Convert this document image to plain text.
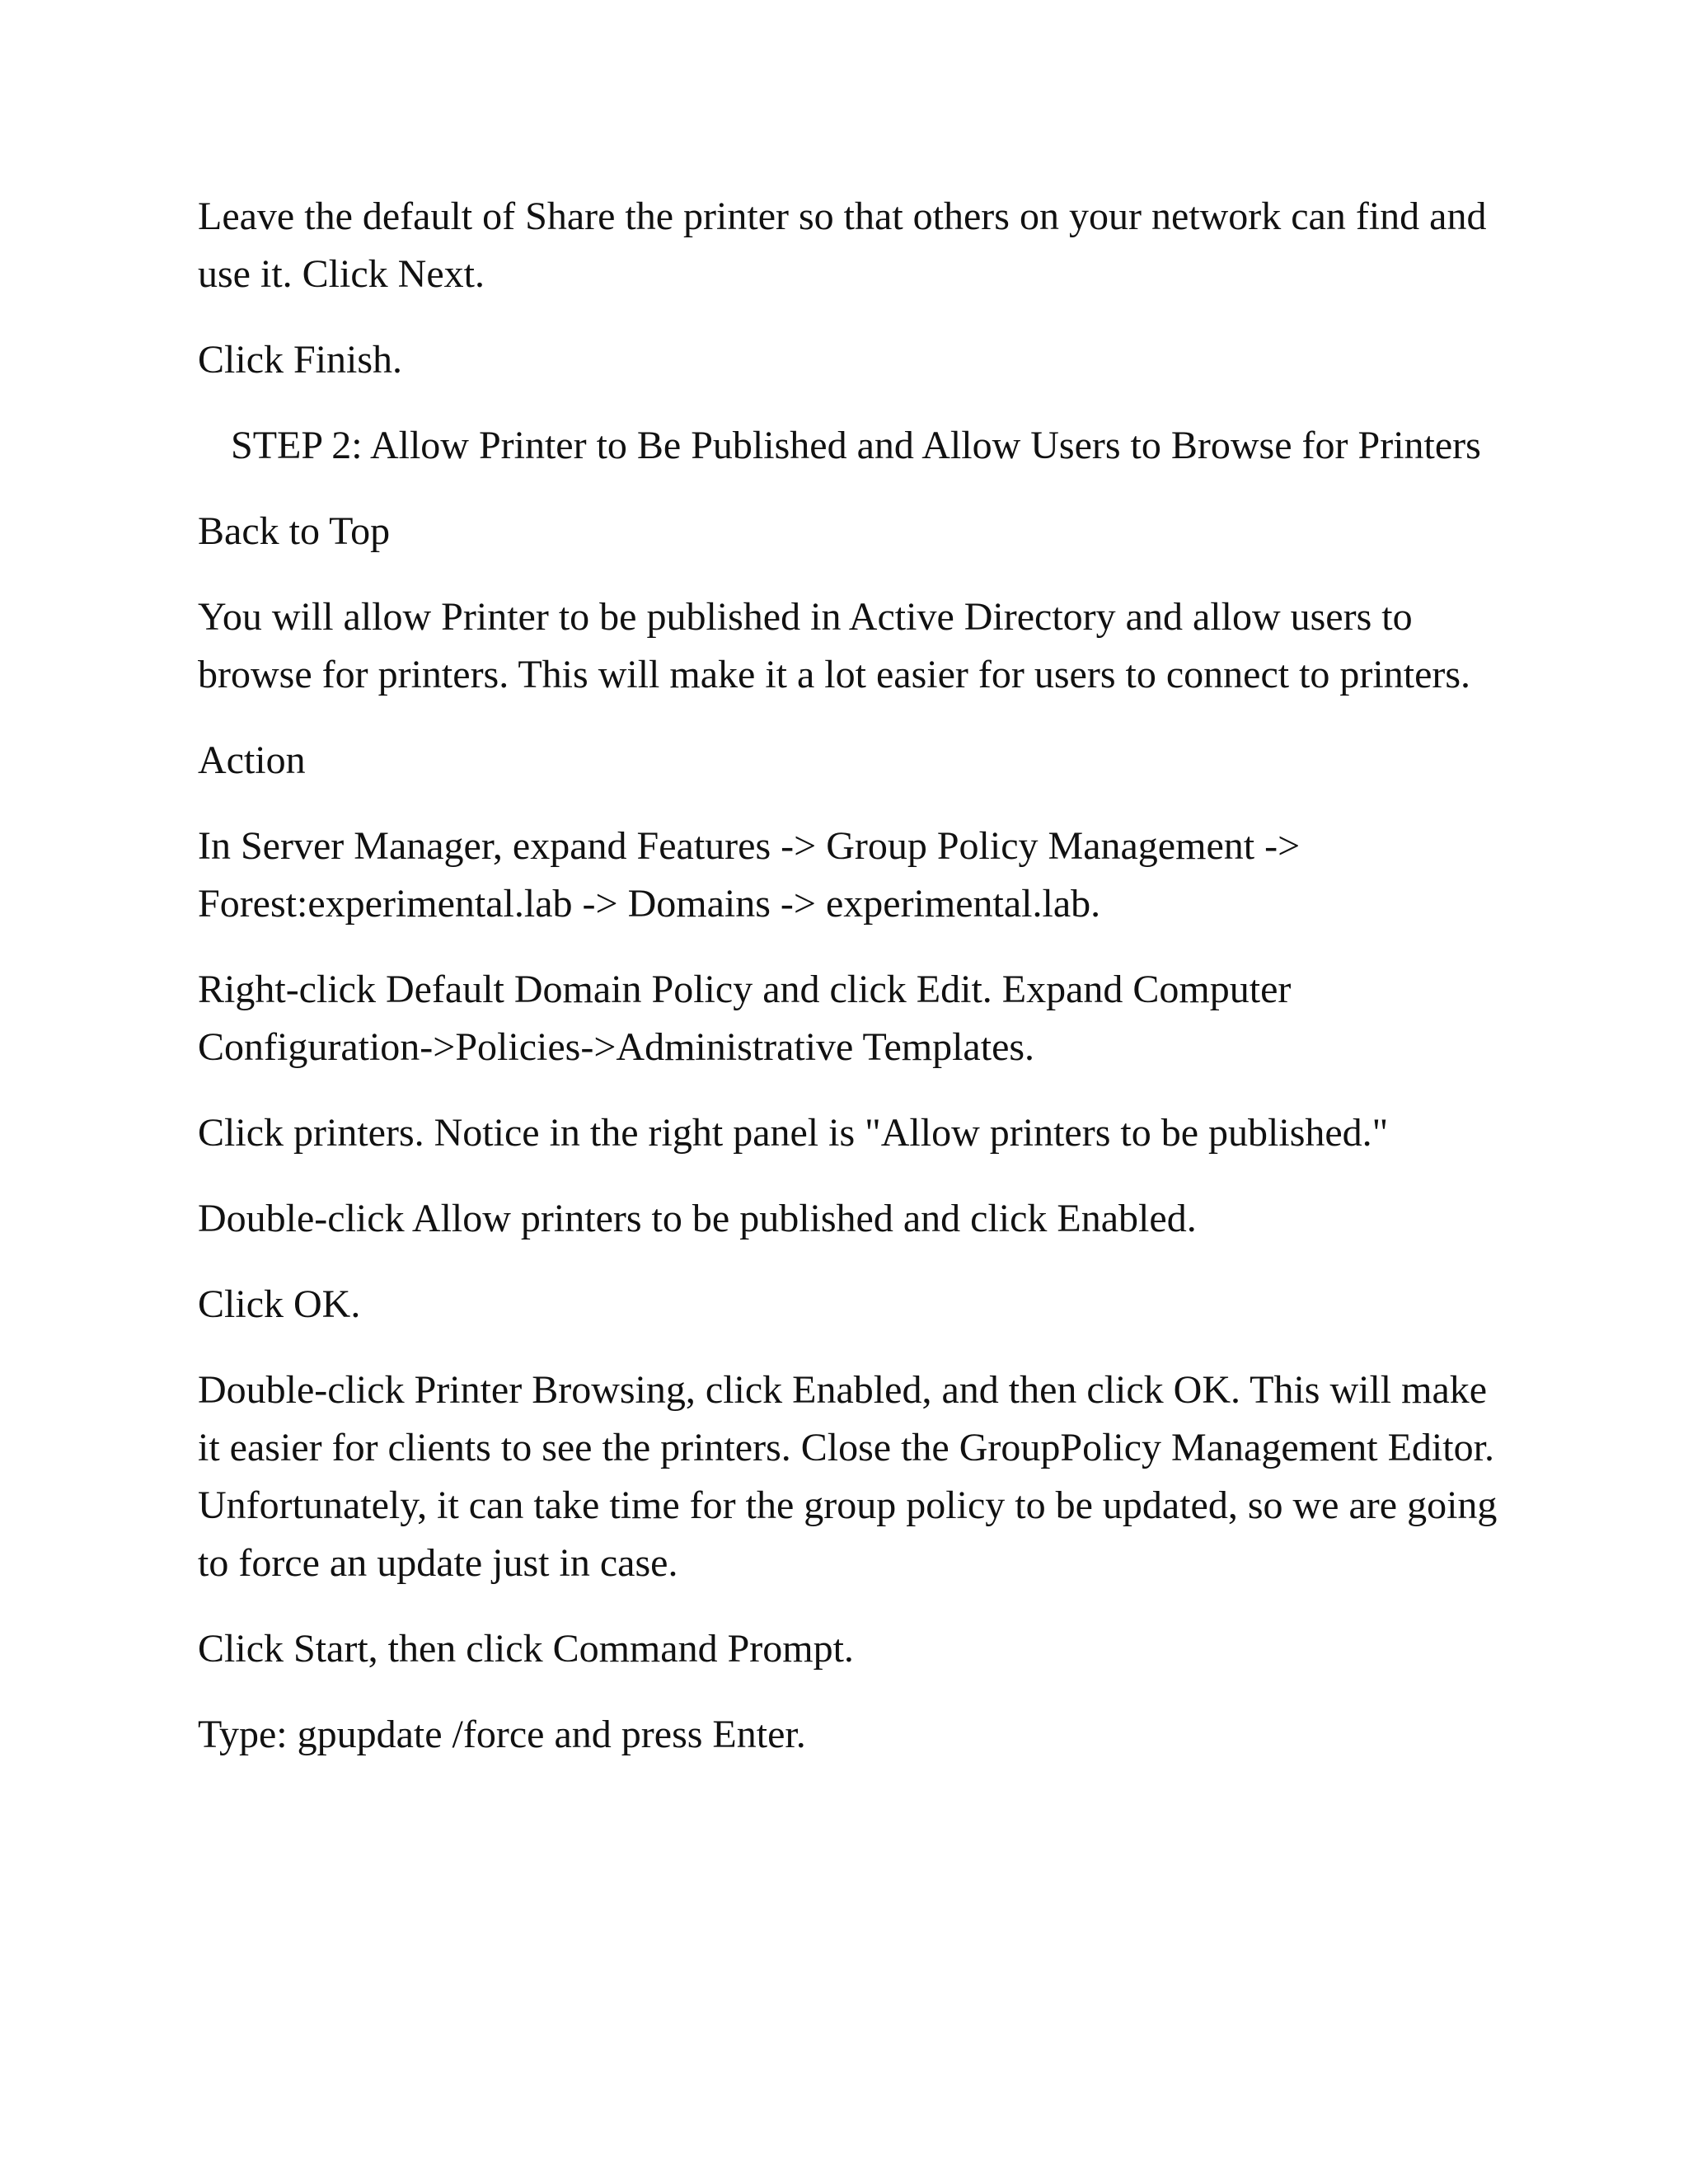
Leave the default of Share the printer so that others on your network can find and use it. Click Next.

Click Finish.

STEP 2: Allow Printer to Be Published and Allow Users to Browse for Printers

Back to Top

You will allow Printer to be published in Active Directory and allow users to browse for printers. This will make it a lot easier for users to connect to printers.

Action

In Server Manager, expand Features -> Group Policy Management -> Forest:experimental.lab -> Domains -> experimental.lab.

Right-click Default Domain Policy and click Edit. Expand Computer Configuration->Policies->Administrative Templates.

Click printers. Notice in the right panel is "Allow printers to be published."

Double-click Allow printers to be published and click Enabled.

Click OK.

Double-click Printer Browsing, click Enabled, and then click OK. This will make it easier for clients to see the printers. Close the GroupPolicy Management Editor. Unfortunately, it can take time for the group policy to be updated, so we are going to force an update just in case.

Click Start, then click Command Prompt.

Type: gpupdate /force and press Enter.
